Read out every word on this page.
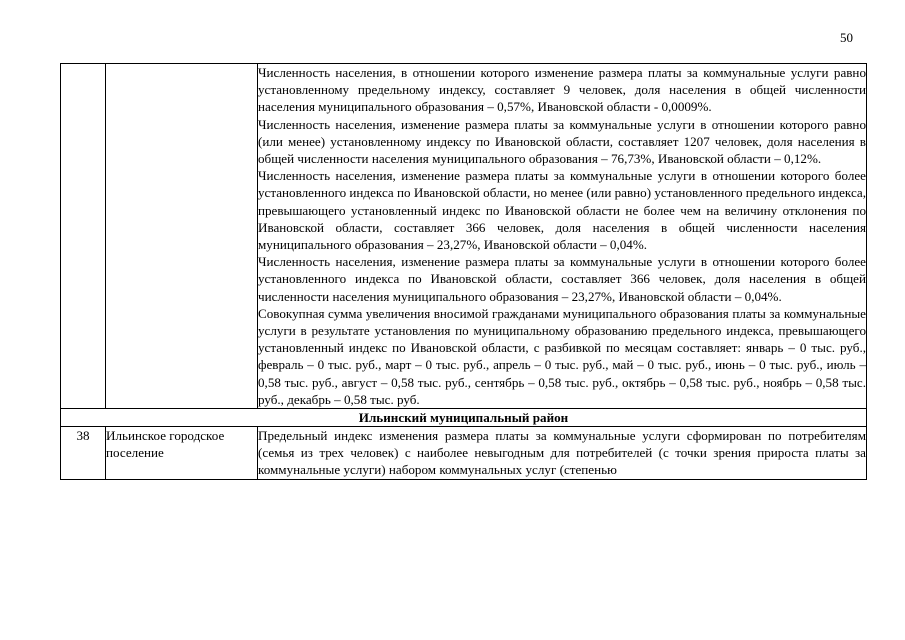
50

		Численность населения, в отношении которого изменение размера платы за коммунальные услуги равно установленному предельному индексу, составляет 9 человек, доля населения в общей численности населения муниципального образования – 0,57%, Ивановской области - 0,0009%.

Численность населения, изменение размера платы за коммунальные услуги в отношении которого равно (или менее) установленному индексу по Ивановской области, составляет 1207 человек, доля населения в общей численности населения муниципального образования – 76,73%, Ивановской области – 0,12%.

Численность населения, изменение размера платы за коммунальные услуги в отношении которого более установленного индекса по Ивановской области, но менее (или равно) установленного предельного индекса, превышающего установленный индекс по Ивановской области не более чем на величину отклонения по Ивановской области, составляет 366 человек, доля населения в общей численности населения муниципального образования – 23,27%, Ивановской области – 0,04%.

Численность населения, изменение размера платы за коммунальные услуги в отношении которого более установленного индекса по Ивановской области, составляет 366 человек, доля населения в общей численности населения муниципального образования – 23,27%, Ивановской области – 0,04%.

Совокупная сумма увеличения вносимой гражданами муниципального образования платы за коммунальные услуги в результате установления по муниципальному образованию предельного индекса, превышающего установленный индекс по Ивановской области, с разбивкой по месяцам составляет: январь – 0 тыс. руб., февраль – 0 тыс. руб., март – 0 тыс. руб., апрель – 0 тыс. руб., май – 0 тыс. руб., июнь – 0 тыс. руб., июль – 0,58 тыс. руб., август – 0,58 тыс. руб., сентябрь – 0,58 тыс. руб., октябрь – 0,58 тыс. руб., ноябрь – 0,58 тыс. руб., декабрь – 0,58 тыс. руб.

Ильинский муниципальный район		
38	Ильинское городское поселение	Предельный индекс изменения размера платы за коммунальные услуги сформирован по потребителям (семья из трех человек) с наиболее невыгодным для потребителей (с точки зрения прироста платы за коммунальные услуги) набором коммунальных услуг (степенью
